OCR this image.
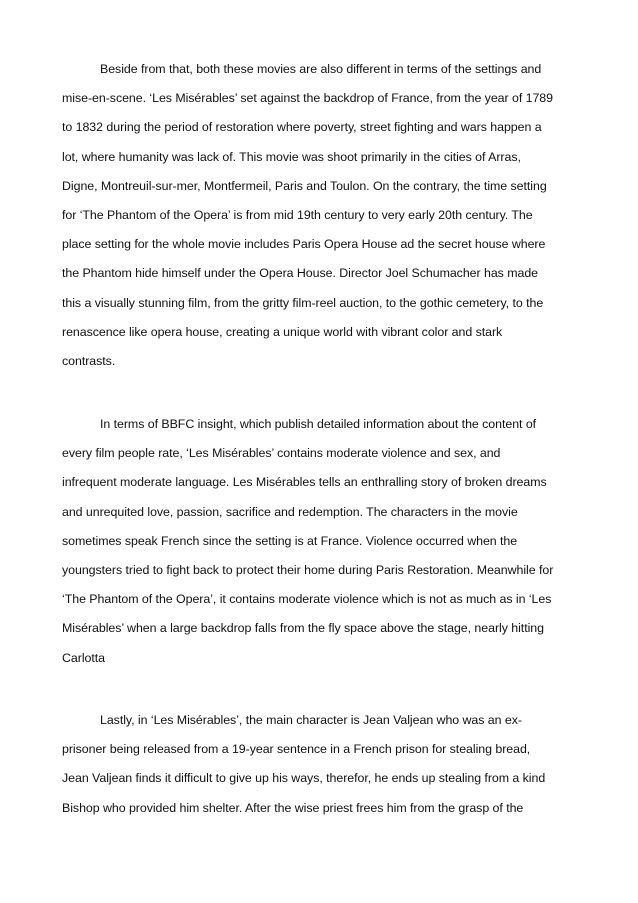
Beside from that, both these movies are also different in terms of the settings and
mise-en-scene. ‘Les Misérables’ set against the backdrop of France, from the year of 1789
to 1832 during the period of restoration where poverty, street fighting and wars happen a
lot, where humanity was lack of. This movie was shoot primarily in the cities of Arras,
Digne, Montreuil-sur-mer, Montfermeil, Paris and Toulon. On the contrary, the time setting
for ‘The Phantom of the Opera’ is from mid 19th century to very early 20th century. The
place setting for the whole movie includes Paris Opera House ad the secret house where
the Phantom hide himself under the Opera House. Director Joel Schumacher has made
this a visually stunning film, from the gritty film-reel auction, to the gothic cemetery, to the
renascence like opera house, creating a unique world with vibrant color and stark
contrasts.
In terms of BBFC insight, which publish detailed information about the content of
every film people rate, ‘Les Misérables’ contains moderate violence and sex, and
infrequent moderate language. Les Misérables tells an enthralling story of broken dreams
and unrequited love, passion, sacrifice and redemption. The characters in the movie
sometimes speak French since the setting is at France. Violence occurred when the
youngsters tried to fight back to protect their home during Paris Restoration. Meanwhile for
‘The Phantom of the Opera’, it contains moderate violence which is not as much as in ‘Les
Misérables’ when a large backdrop falls from the fly space above the stage, nearly hitting
Carlotta
Lastly, in ‘Les Misérables’, the main character is Jean Valjean who was an ex-
prisoner being released from a 19-year sentence in a French prison for stealing bread,
Jean Valjean finds it difficult to give up his ways, therefor, he ends up stealing from a kind
Bishop who provided him shelter. After the wise priest frees him from the grasp of the
